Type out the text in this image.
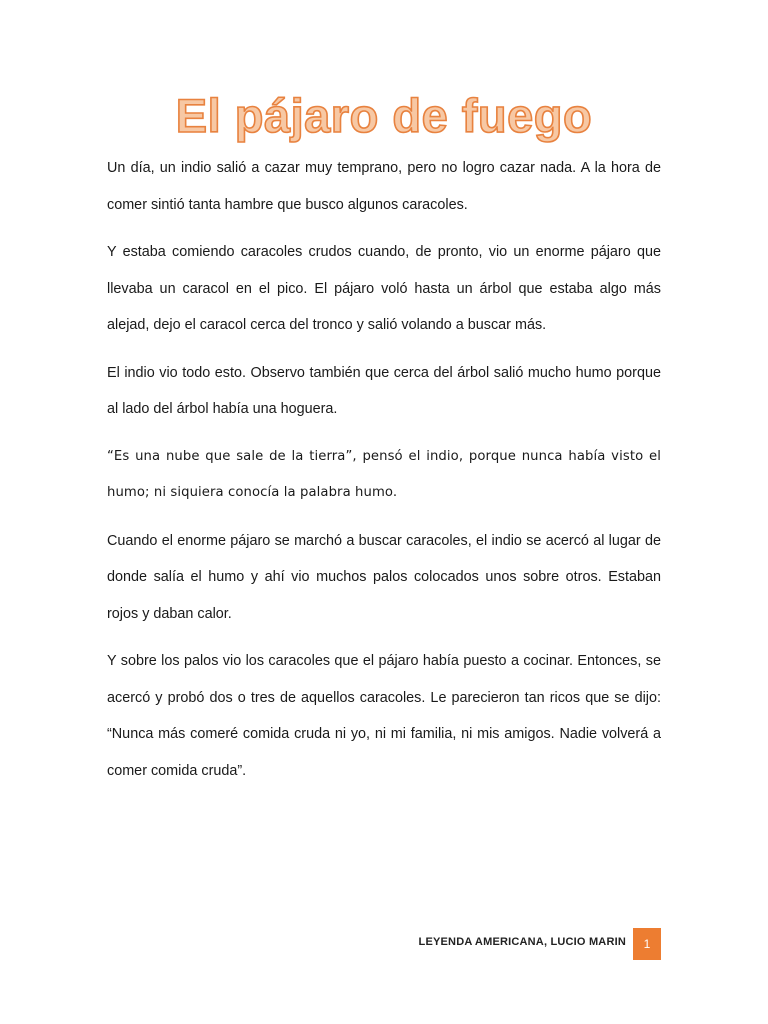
El pájaro de fuego

Un día, un indio salió a cazar muy temprano, pero no logro cazar nada. A la hora de comer sintió tanta hambre que busco algunos caracoles.

Y estaba comiendo caracoles crudos cuando, de pronto, vio un enorme pájaro que llevaba un caracol en el pico. El pájaro voló hasta un árbol que estaba algo más alejad, dejo el caracol cerca del tronco y salió volando a buscar más.

El indio vio todo esto. Observo también que cerca del árbol salió mucho humo porque al lado del árbol había una hoguera.

“Es una nube que sale de la tierra”, pensó el indio, porque nunca había visto el humo; ni siquiera conocía la palabra humo.

Cuando el enorme pájaro se marchó a buscar caracoles, el indio se acercó al lugar de donde salía el humo y ahí vio muchos palos colocados unos sobre otros. Estaban rojos y daban calor.

Y sobre los palos vio los caracoles que el pájaro había puesto a cocinar. Entonces, se acercó y probó dos o tres de aquellos caracoles. Le parecieron tan ricos que se dijo: “Nunca más comeré comida cruda ni yo, ni mi familia, ni mis amigos. Nadie volverá a comer comida cruda”.

LEYENDA AMERICANA, LUCIO MARIN	1
